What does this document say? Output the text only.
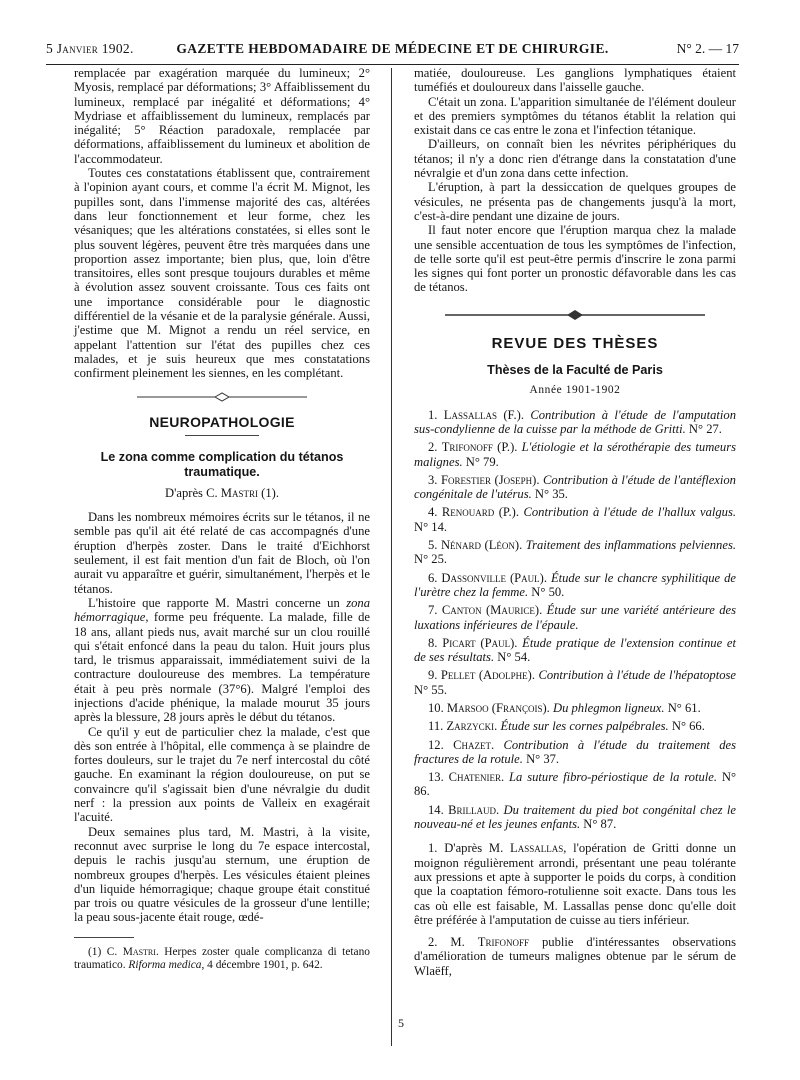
5 Janvier 1902.	GAZETTE HEBDOMADAIRE DE MÉDECINE ET DE CHIRURGIE.	N° 2. — 17

remplacée par exagération marquée du lumineux; 2° Myosis, remplacé par déformations; 3° Affaiblissement du lumineux, remplacé par inégalité et déformations; 4° Mydriase et affaiblissement du lumineux, remplacés par inégalité; 5° Réaction paradoxale, remplacée par déformations, affaiblissement du lumineux et abolition de l'accommodateur.

Toutes ces constatations établissent que, contrairement à l'opinion ayant cours, et comme l'a écrit M. Mignot, les pupilles sont, dans l'immense majorité des cas, altérées dans leur fonctionnement et leur forme, chez les vésaniques; que les altérations constatées, si elles sont le plus souvent légères, peuvent être très marquées dans une proportion assez importante; bien plus, que, loin d'être transitoires, elles sont presque toujours durables et même à évolution assez souvent croissante. Tous ces faits ont une importance considérable pour le diagnostic différentiel de la vésanie et de la paralysie générale. Aussi, j'estime que M. Mignot a rendu un réel service, en appelant l'attention sur l'état des pupilles chez ces malades, et je suis heureux que mes constatations confirment pleinement les siennes, en les complétant.

NEUROPATHOLOGIE
Le zona comme complication du tétanos traumatique.
D'après C. Mastri (1).

Dans les nombreux mémoires écrits sur le tétanos, il ne semble pas qu'il ait été relaté de cas accompagnés d'une éruption d'herpès zoster. Dans le traité d'Eichhorst seulement, il est fait mention d'un fait de Bloch, où l'on aurait vu apparaître et guérir, simultanément, l'herpès et le tétanos.

L'histoire que rapporte M. Mastri concerne un zona hémorragique, forme peu fréquente. La malade, fille de 18 ans, allant pieds nus, avait marché sur un clou rouillé qui s'était enfoncé dans la peau du talon. Huit jours plus tard, le trismus apparaissait, immédiatement suivi de la contracture douloureuse des membres. La température était à peu près normale (37°6). Malgré l'emploi des injections d'acide phénique, la malade mourut 35 jours après la blessure, 28 jours après le début du tétanos.

Ce qu'il y eut de particulier chez la malade, c'est que dès son entrée à l'hôpital, elle commença à se plaindre de fortes douleurs, sur le trajet du 7e nerf intercostal du côté gauche. En examinant la région douloureuse, on put se convaincre qu'il s'agissait bien d'une névralgie du dudit nerf : la pression aux points de Valleix en exagérait l'acuité.

Deux semaines plus tard, M. Mastri, à la visite, reconnut avec surprise le long du 7e espace intercostal, depuis le rachis jusqu'au sternum, une éruption de nombreux groupes d'herpès. Les vésicules étaient pleines d'un liquide hémorragique; chaque groupe était constitué par trois ou quatre vésicules de la grosseur d'une lentille; la peau sous-jacente était rouge, œdé-

(1) C. Mastri. Herpes zoster quale complicanza di tetano traumatico. Riforma medica, 4 décembre 1901, p. 642.

matiée, douloureuse. Les ganglions lymphatiques étaient tuméfiés et douloureux dans l'aisselle gauche.

C'était un zona. L'apparition simultanée de l'élément douleur et des premiers symptômes du tétanos établit la relation qui existait dans ce cas entre le zona et l'infection tétanique.

D'ailleurs, on connaît bien les névrites périphériques du tétanos; il n'y a donc rien d'étrange dans la constatation d'une névralgie et d'un zona dans cette infection.

L'éruption, à part la dessiccation de quelques groupes de vésicules, ne présenta pas de changements jusqu'à la mort, c'est-à-dire pendant une dizaine de jours.

Il faut noter encore que l'éruption marqua chez la malade une sensible accentuation de tous les symptômes de l'infection, de telle sorte qu'il est peut-être permis d'inscrire le zona parmi les signes qui font porter un pronostic défavorable dans les cas de tétanos.

REVUE DES THÈSES
Thèses de la Faculté de Paris
Année 1901-1902

1. Lassallas (F.). Contribution à l'étude de l'amputation sus-condylienne de la cuisse par la méthode de Gritti. N° 27.

2. Trifonoff (P.). L'étiologie et la sérothérapie des tumeurs malignes. N° 79.

3. Forestier (Joseph). Contribution à l'étude de l'antéflexion congénitale de l'utérus. N° 35.

4. Renouard (P.). Contribution à l'étude de l'hallux valgus. N° 14.

5. Nénard (Léon). Traitement des inflammations pelviennes. N° 25.

6. Dassonville (Paul). Étude sur le chancre syphilitique de l'urètre chez la femme. N° 50.

7. Canton (Maurice). Étude sur une variété antérieure des luxations inférieures de l'épaule.

8. Picart (Paul). Étude pratique de l'extension continue et de ses résultats. N° 54.

9. Pellet (Adolphe). Contribution à l'étude de l'hépatoptose N° 55.

10. Marsoo (François). Du phlegmon ligneux. N° 61.

11. Zarzycki. Étude sur les cornes palpébrales. N° 66.

12. Chazet. Contribution à l'étude du traitement des fractures de la rotule. N° 37.

13. Chatenier. La suture fibro-périostique de la rotule. N° 86.

14. Brillaud. Du traitement du pied bot congénital chez le nouveau-né et les jeunes enfants. N° 87.

1. D'après M. Lassallas, l'opération de Gritti donne un moignon régulièrement arrondi, présentant une peau tolérante aux pressions et apte à supporter le poids du corps, à condition que la coaptation fémoro-rotulienne soit exacte. Dans tous les cas où elle est faisable, M. Lassallas pense donc qu'elle doit être préférée à l'amputation de cuisse au tiers inférieur.

2. M. Trifonoff publie d'intéressantes observations d'amélioration de tumeurs malignes obtenue par le sérum de Wlaëff,

5
